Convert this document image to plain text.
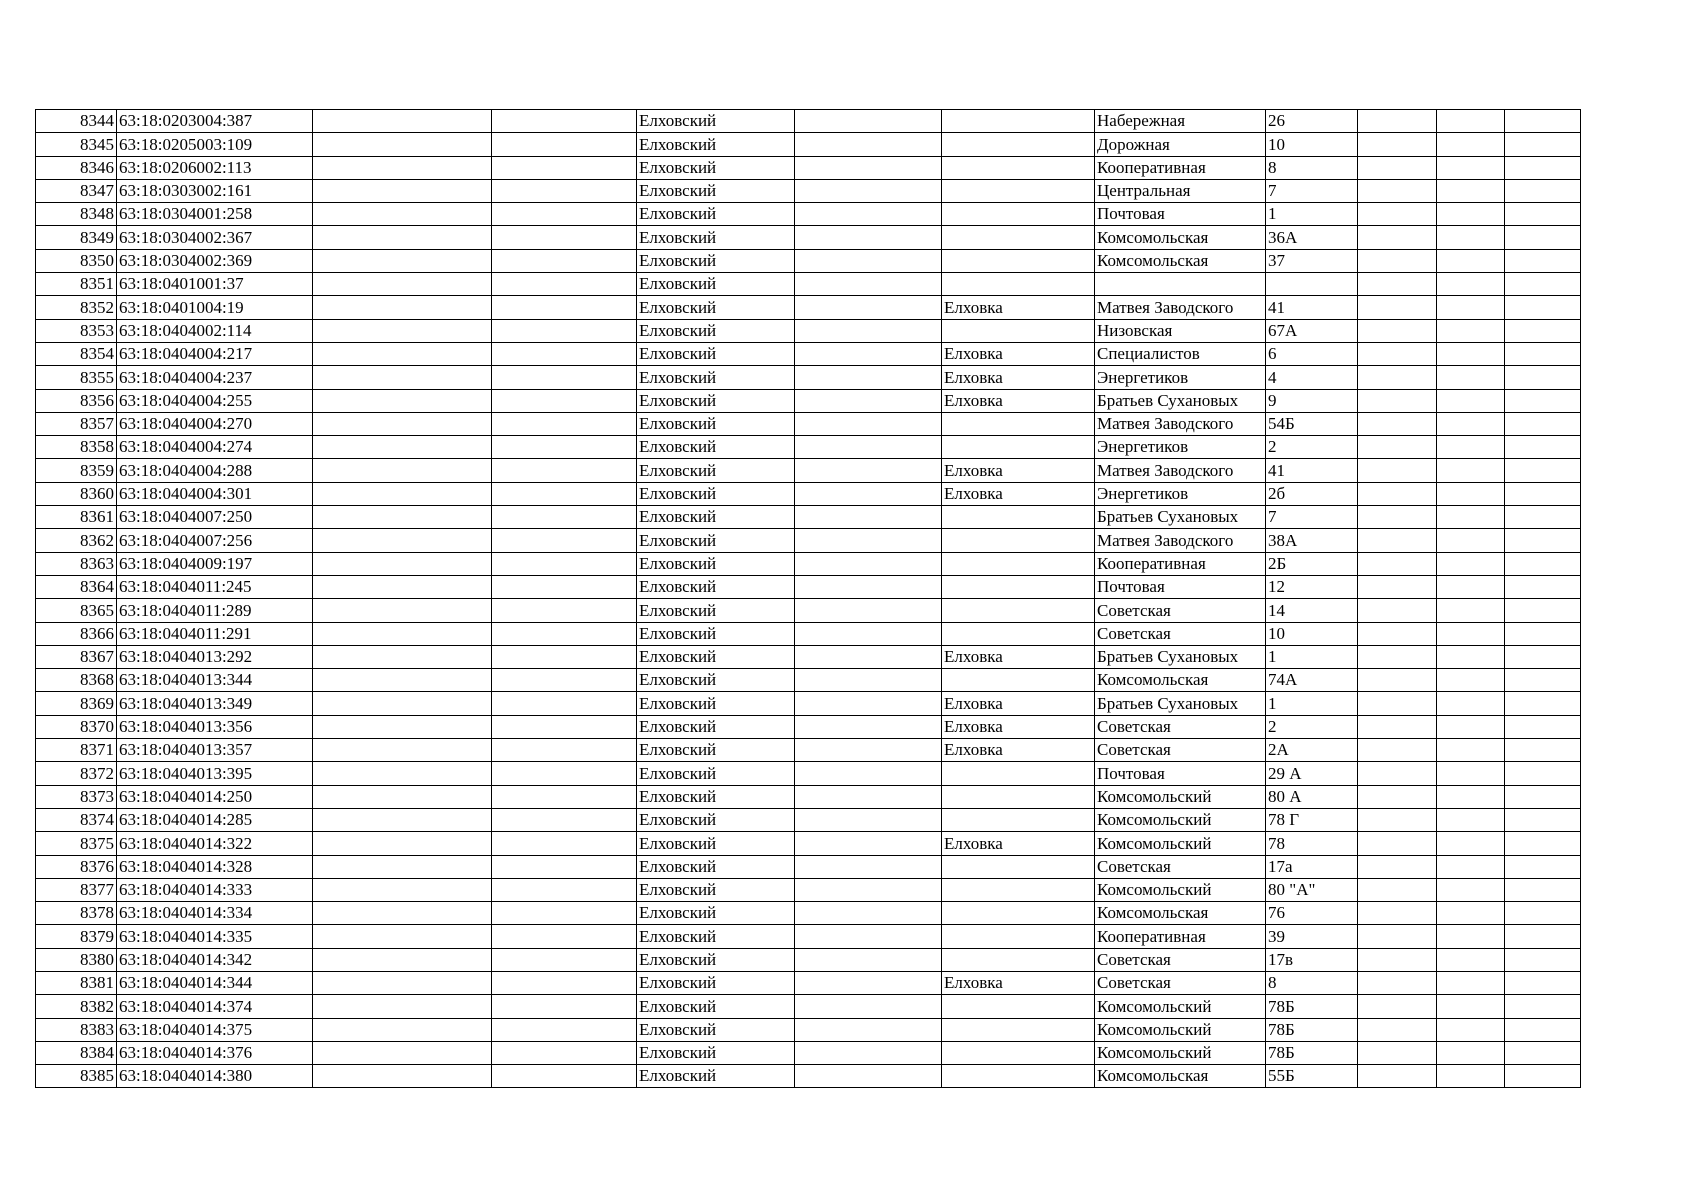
8344	63:18:0203004:387			Елховский			Набережная	26			
8345	63:18:0205003:109			Елховский			Дорожная	10			
8346	63:18:0206002:113			Елховский			Кооперативная	8			
8347	63:18:0303002:161			Елховский			Центральная	7			
8348	63:18:0304001:258			Елховский			Почтовая	1			
8349	63:18:0304002:367			Елховский			Комсомольская	36А			
8350	63:18:0304002:369			Елховский			Комсомольская	37			
8351	63:18:0401001:37			Елховский							
8352	63:18:0401004:19			Елховский		Елховка	Матвея Заводского	41			
8353	63:18:0404002:114			Елховский			Низовская	67А			
8354	63:18:0404004:217			Елховский		Елховка	Специалистов	6			
8355	63:18:0404004:237			Елховский		Елховка	Энергетиков	4			
8356	63:18:0404004:255			Елховский		Елховка	Братьев Сухановых	9			
8357	63:18:0404004:270			Елховский			Матвея Заводского	54Б			
8358	63:18:0404004:274			Елховский			Энергетиков	2			
8359	63:18:0404004:288			Елховский		Елховка	Матвея Заводского	41			
8360	63:18:0404004:301			Елховский		Елховка	Энергетиков	2б			
8361	63:18:0404007:250			Елховский			Братьев Сухановых	7			
8362	63:18:0404007:256			Елховский			Матвея Заводского	38А			
8363	63:18:0404009:197			Елховский			Кооперативная	2Б			
8364	63:18:0404011:245			Елховский			Почтовая	12			
8365	63:18:0404011:289			Елховский			Советская	14			
8366	63:18:0404011:291			Елховский			Советская	10			
8367	63:18:0404013:292			Елховский		Елховка	Братьев Сухановых	1			
8368	63:18:0404013:344			Елховский			Комсомольская	74А			
8369	63:18:0404013:349			Елховский		Елховка	Братьев Сухановых	1			
8370	63:18:0404013:356			Елховский		Елховка	Советская	2			
8371	63:18:0404013:357			Елховский		Елховка	Советская	2А			
8372	63:18:0404013:395			Елховский			Почтовая	29 А			
8373	63:18:0404014:250			Елховский			Комсомольский	80 А			
8374	63:18:0404014:285			Елховский			Комсомольский	78 Г			
8375	63:18:0404014:322			Елховский		Елховка	Комсомольский	78			
8376	63:18:0404014:328			Елховский			Советская	17а			
8377	63:18:0404014:333			Елховский			Комсомольский	80 "А"			
8378	63:18:0404014:334			Елховский			Комсомольская	76			
8379	63:18:0404014:335			Елховский			Кооперативная	39			
8380	63:18:0404014:342			Елховский			Советская	17в			
8381	63:18:0404014:344			Елховский		Елховка	Советская	8			
8382	63:18:0404014:374			Елховский			Комсомольский	78Б			
8383	63:18:0404014:375			Елховский			Комсомольский	78Б			
8384	63:18:0404014:376			Елховский			Комсомольский	78Б			
8385	63:18:0404014:380			Елховский			Комсомольская	55Б			
